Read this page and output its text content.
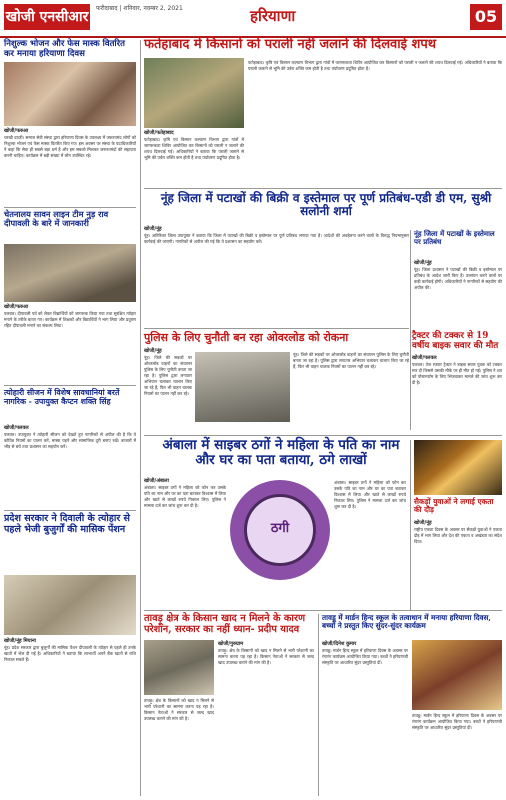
खोजी एनसीआर
फरीदाबाद | शनिवार, नवम्बर 2, 2021	हरियाणा	05
निशुल्क भोजन और फेस मास्क वितरित कर मनाया हरियाणा दिवस
खोजी/फरुआ
चरखी दादरी। समाज सेवी संस्था द्वारा हरियाणा दिवस के उपलक्ष्य में जरूरतमंद लोगों को निशुल्क भोजन एवं फेस मास्क वितरित किए गए। इस अवसर पर संस्था के पदाधिकारियों ने कहा कि सेवा ही सबसे बड़ा धर्म है और हम सबको मिलकर जरूरतमंदों की सहायता करनी चाहिए। कार्यक्रम में बड़ी संख्या में लोग उपस्थित रहे।
चेतनालय सावन लाइन टीम नुड़ राव दीपावली के बारे में जानकारी
खोजी/फरुआ
पलवल। दीपावली पर्व को लेकर विद्यार्थियों को जागरूक किया गया तथा सुरक्षित त्योहार मनाने के तरीके बताए गए। कार्यक्रम में शिक्षकों और विद्यार्थियों ने भाग लिया और प्रदूषण रहित दीपावली मनाने का संकल्प लिया।
त्योहारी सीजन में विशेष सावधानियां बरतें नागरिक - उपायुक्त कैप्टन शक्ति सिंह
खोजी/पलवल
पलवल। उपायुक्त ने त्योहारी सीजन को देखते हुए नागरिकों से अपील की है कि वे कोविड नियमों का पालन करें, मास्क पहनें और सामाजिक दूरी बनाए रखें। बाजारों में भीड़ से बचें तथा प्रशासन का सहयोग करें।
प्रदेश सरकार ने दिवाली के त्योहार से पहले भेजी बुजुर्गों की मासिक पेंशन
खोजी/नूंह मियाना
नूंह। प्रदेश सरकार द्वारा बुजुर्गों की मासिक पेंशन दीपावली के त्योहार से पहले ही उनके खातों में भेज दी गई है। अधिकारियों ने बताया कि लाभार्थी अपने बैंक खातों से राशि निकाल सकते हैं।
फतेहाबाद में किसानों को पराली नहीं जलाने की दिलवाई शपथ
खोजी/फतेहाबाद
फतेहाबाद। कृषि एवं किसान कल्याण विभाग द्वारा गांवों में जागरूकता शिविर आयोजित कर किसानों को पराली न जलाने की शपथ दिलवाई गई। अधिकारियों ने बताया कि पराली जलाने से भूमि की उर्वरा शक्ति कम होती है तथा पर्यावरण प्रदूषित होता है।
फतेहाबाद। कृषि एवं किसान कल्याण विभाग द्वारा गांवों में जागरूकता शिविर आयोजित कर किसानों को पराली न जलाने की शपथ दिलवाई गई। अधिकारियों ने बताया कि पराली जलाने से भूमि की उर्वरा शक्ति कम होती है तथा पर्यावरण प्रदूषित होता है।
नूंह जिला में पटाखों की बिक्री व इस्तेमाल पर पूर्ण प्रतिबंध-एडी डी एम, सुश्री सलोनी शर्मा
खोजी/नूंह
नूंह। अतिरिक्त जिला उपायुक्त ने बताया कि जिला में पटाखों की बिक्री व इस्तेमाल पर पूर्ण प्रतिबंध लगाया गया है। आदेशों की अवहेलना करने वालों के विरुद्ध नियमानुसार कार्रवाई की जाएगी। नागरिकों से अपील की गई कि वे प्रशासन का सहयोग करें।
पुलिस के लिए चुनौती बन रहा ओवरलोड को रोकना
खोजी/नूंह
नूंह। जिले की सड़कों पर ओवरलोड वाहनों का संचालन पुलिस के लिए चुनौती बनता जा रहा है। पुलिस द्वारा लगातार अभियान चलाकर चालान किए जा रहे हैं, फिर भी वाहन चालक नियमों का पालन नहीं कर रहे।
नूंह। जिले की सड़कों पर ओवरलोड वाहनों का संचालन पुलिस के लिए चुनौती बनता जा रहा है। पुलिस द्वारा लगातार अभियान चलाकर चालान किए जा रहे हैं, फिर भी वाहन चालक नियमों का पालन नहीं कर रहे।
ट्रैक्टर की टक्कर से 19 वर्षीय बाइक सवार की मौत
खोजी/पलवल
पलवल। तेज रफ्तार ट्रैक्टर ने बाइक सवार युवक को टक्कर मार दी जिससे उसकी मौके पर ही मौत हो गई। पुलिस ने शव को पोस्टमार्टम के लिए भिजवाकर मामले की जांच शुरू कर दी है।
नूंह जिला में पटाखों के इस्तेमाल पर प्रतिबंध
खोजी/नूंह
नूंह। जिला प्रशासन ने पटाखों की बिक्री व इस्तेमाल पर प्रतिबंध के आदेश जारी किए हैं। उल्लंघन करने वालों पर कड़ी कार्रवाई होगी। अधिकारियों ने नागरिकों से सहयोग की अपील की।
अंबाला में साइबर ठगों ने महिला के पति का नाम और घर का पता बताया, ठगे लाखों
खोजी/अंबाला
अंबाला। साइबर ठगों ने महिला को फोन कर उसके पति का नाम और घर का पता बताकर विश्वास में लिया और खाते से लाखों रुपये निकाल लिए। पुलिस ने मामला दर्ज कर जांच शुरू कर दी है।
ठगी
अंबाला। साइबर ठगों ने महिला को फोन कर उसके पति का नाम और घर का पता बताकर विश्वास में लिया और खाते से लाखों रुपये निकाल लिए। पुलिस ने मामला दर्ज कर जांच शुरू कर दी है।
सैकड़ों युवाओं ने लगाई एकता की दौड़
खोजी/नूंह
राष्ट्रीय एकता दिवस के अवसर पर सैकड़ों युवाओं ने एकता दौड़ में भाग लिया और देश की एकता व अखंडता का संदेश दिया।
तावड़ू क्षेत्र के किसान खाद न मिलने के कारण परेशान, सरकार का नहीं ध्यान- प्रदीप यादव
खोजी/गुरुग्राम
तावड़ू। क्षेत्र के किसानों को खाद न मिलने से भारी परेशानी का सामना करना पड़ रहा है। किसान नेताओं ने सरकार से जल्द खाद उपलब्ध कराने की मांग की है।
तावड़ू। क्षेत्र के किसानों को खाद न मिलने से भारी परेशानी का सामना करना पड़ रहा है। किसान नेताओं ने सरकार से जल्द खाद उपलब्ध कराने की मांग की है।
तावडू में मार्डन हिन्द स्कूल के तत्वाधान में मनाया हरियाणा दिवस, बच्चों ने प्रस्तुत किए सुंदर-सुंदर कार्यक्रम
खोजी/दिनेश कुमार
तावडू। मार्डन हिन्द स्कूल में हरियाणा दिवस के अवसर पर रंगारंग कार्यक्रम आयोजित किया गया। बच्चों ने हरियाणवी संस्कृति पर आधारित सुंदर प्रस्तुतियां दीं।
तावडू। मार्डन हिन्द स्कूल में हरियाणा दिवस के अवसर पर रंगारंग कार्यक्रम आयोजित किया गया। बच्चों ने हरियाणवी संस्कृति पर आधारित सुंदर प्रस्तुतियां दीं।
